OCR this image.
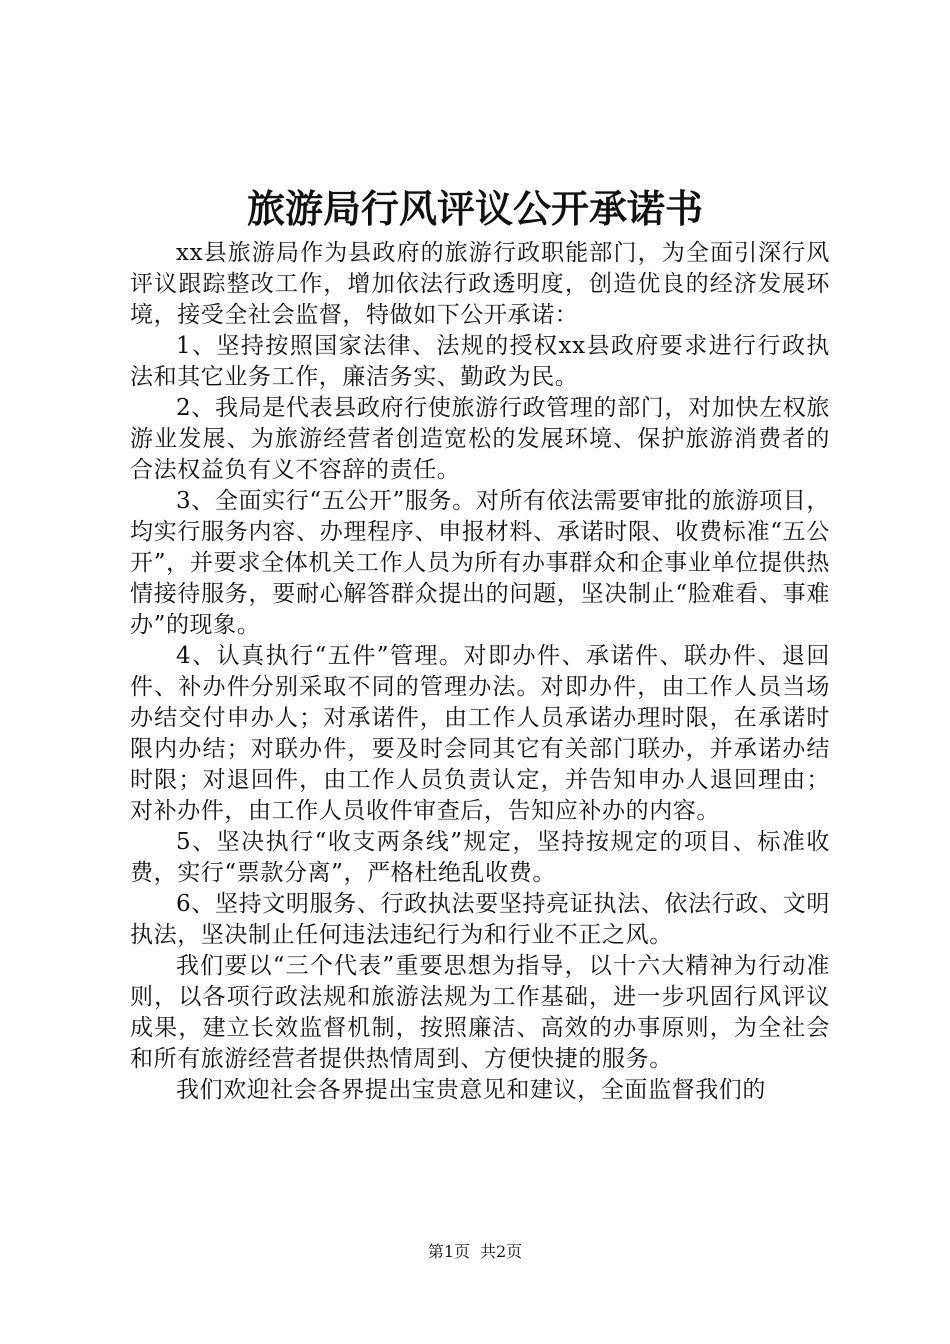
旅游局行风评议公开承诺书

xx县旅游局作为县政府的旅游行政职能部门，为全面引深行风评议跟踪整改工作，增加依法行政透明度，创造优良的经济发展环境，接受全社会监督，特做如下公开承诺：

1、坚持按照国家法律、法规的授权xx县政府要求进行行政执法和其它业务工作，廉洁务实、勤政为民。

2、我局是代表县政府行使旅游行政管理的部门，对加快左权旅游业发展、为旅游经营者创造宽松的发展环境、保护旅游消费者的合法权益负有义不容辞的责任。

3、全面实行“五公开”服务。对所有依法需要审批的旅游项目，均实行服务内容、办理程序、申报材料、承诺时限、收费标准“五公开”，并要求全体机关工作人员为所有办事群众和企事业单位提供热情接待服务，要耐心解答群众提出的问题，坚决制止“脸难看、事难办”的现象。

4、认真执行“五件”管理。对即办件、承诺件、联办件、退回件、补办件分别采取不同的管理办法。对即办件，由工作人员当场办结交付申办人；对承诺件，由工作人员承诺办理时限，在承诺时限内办结；对联办件，要及时会同其它有关部门联办，并承诺办结时限；对退回件，由工作人员负责认定，并告知申办人退回理由；对补办件，由工作人员收件审查后，告知应补办的内容。

5、坚决执行“收支两条线”规定，坚持按规定的项目、标准收费，实行“票款分离”，严格杜绝乱收费。

6、坚持文明服务、行政执法要坚持亮证执法、依法行政、文明执法，坚决制止任何违法违纪行为和行业不正之风。

我们要以“三个代表”重要思想为指导，以十六大精神为行动准则，以各项行政法规和旅游法规为工作基础，进一步巩固行风评议成果，建立长效监督机制，按照廉洁、高效的办事原则，为全社会和所有旅游经营者提供热情周到、方便快捷的服务。

我们欢迎社会各界提出宝贵意见和建议，全面监督我们的

第1页 共2页
